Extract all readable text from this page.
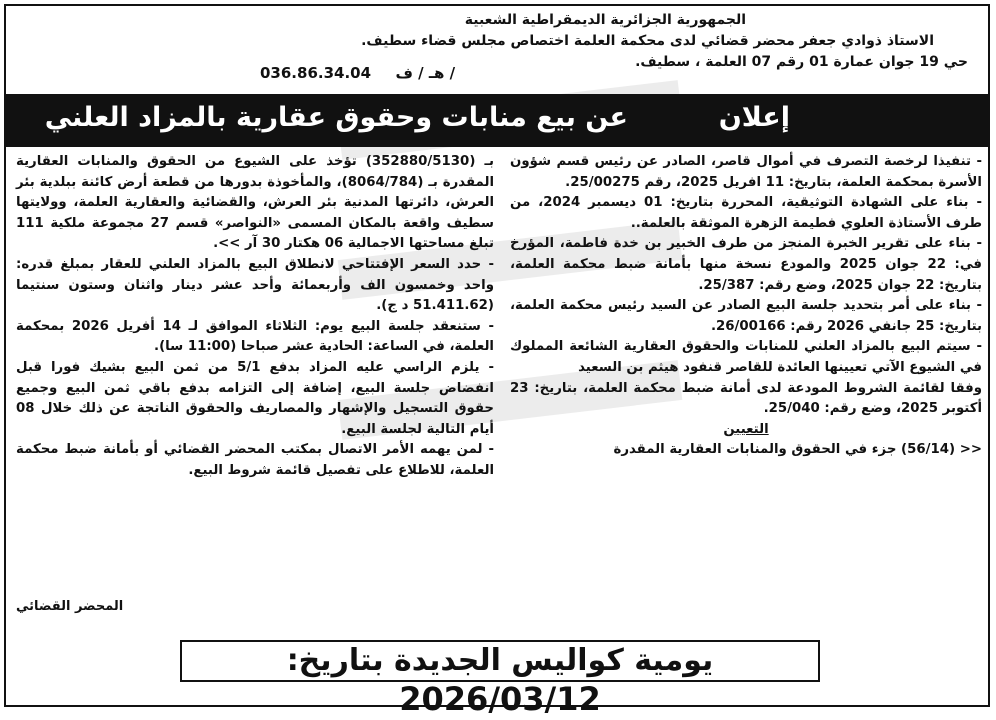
الجمهورية الجزائرية الديمقراطية الشعبية
الاستاذ ذوادي جعفر محضر قضائي لدى محكمة العلمة اختصاص مجلس قضاء سطيف.
حي 19 جوان عمارة 01 رقم 07 العلمة ، سطيف.
036.86.34.04 هـ / ف /
إعلان
عن بيع منابات وحقوق عقارية بالمزاد العلني

- تنفيذا لرخصة التصرف في أموال قاصر، الصادر عن رئيس قسم شؤون الأسرة بمحكمة العلمة، بتاريخ: 11 افريل 2025، رقم 25/00275.

- بناء على الشهادة التوثيقية، المحررة بتاريخ: 01 ديسمبر 2024، من طرف الأستاذة العلوي فطيمة الزهرة الموثقة بالعلمة..

- بناء على تقرير الخبرة المنجز من طرف الخبير بن خدة فاطمة، المؤرخ في: 22 جوان 2025 والمودع نسخة منها بأمانة ضبط محكمة العلمة، بتاريخ: 22 جوان 2025، وضع رقم: 25/387.

- بناء على أمر بتحديد جلسة البيع الصادر عن السيد رئيس محكمة العلمة، بتاريخ: 25 جانفي 2026 رقم: 26/00166.

- سيتم البيع بالمزاد العلني للمنابات والحقوق العقارية الشائعة المملوك في الشيوع الآتي تعيينها العائدة للقاصر قنفود هيثم بن السعيد

وفقا لقائمة الشروط المودعة لدى أمانة ضبط محكمة العلمة، بتاريخ: 23 أكتوبر 2025، وضع رقم: 25/040.

التعيين

<< (56/14) جزء في الحقوق والمنابات العقارية المقدرة

بـ (352880/5130) تؤخذ على الشيوع من الحقوق والمنابات العقارية المقدرة بـ (8064/784)، والمأخوذة بدورها من قطعة أرض كائنة ببلدية بئر العرش، دائرتها المدنية بئر العرش، والقضائية والعقارية العلمة، وولايتها سطيف واقعة بالمكان المسمى «النواصر» قسم 27 مجموعة ملكية 111 تبلغ مساحتها الاجمالية 06 هكتار 30 آر >>.

- حدد السعر الإفتتاحي لانطلاق البيع بالمزاد العلني للعقار بمبلغ قدره: واحد وخمسون الف وأربعمائة وأحد عشر دينار واثنان وستون سنتيما (51.411.62 د ج).

- ستنعقد جلسة البيع يوم: الثلاثاء الموافق لـ 14 أفريل 2026 بمحكمة العلمة، في الساعة: الحادية عشر صباحا (11:00 سا).

- يلزم الراسي عليه المزاد بدفع 5/1 من ثمن البيع بشيك فورا قبل انفضاض جلسة البيع، إضافة إلى التزامه بدفع باقي ثمن البيع وجميع حقوق التسجيل والإشهار والمصاريف والحقوق الناتجة عن ذلك خلال 08 أيام التالية لجلسة البيع.

- لمن يهمه الأمر الاتصال بمكتب المحضر القضائي أو بأمانة ضبط محكمة العلمة، للاطلاع على تفصيل قائمة شروط البيع.

المحضر القضائي
يومية كواليس الجديدة بتاريخ: 2026/03/12
